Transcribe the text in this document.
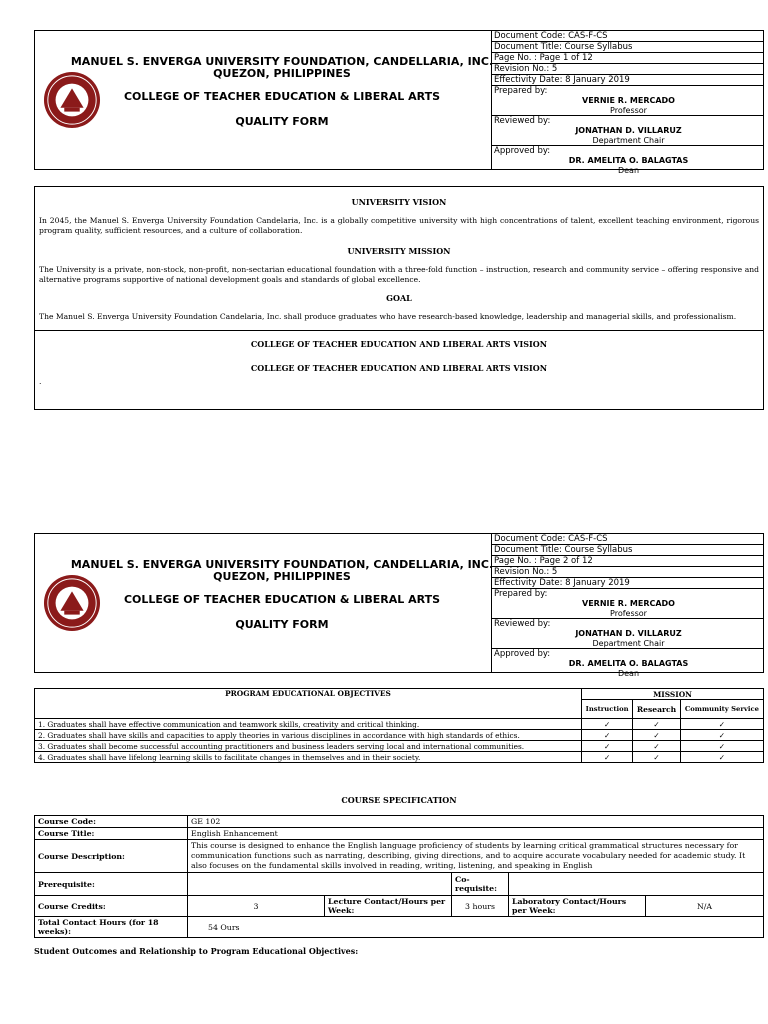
MANUEL S. ENVERGA UNIVERSITY FOUNDATION, CANDELLARIA, INC.
QUEZON, PHILIPPINES
COLLEGE OF TEACHER EDUCATION & LIBERAL ARTS
QUALITY FORM
Document Code: CAS-F-CS
Document Title: Course Syllabus
Page No. : Page 1 of 12
Revision No.: 5
Effectivity Date: 8 January 2019
Prepared by:
VERNIE R. MERCADO
Professor
Reviewed by:
JONATHAN D. VILLARUZ
Department Chair
Approved by:
DR. AMELITA O. BALAGTAS
Dean
UNIVERSITY VISION

In 2045, the Manuel S. Enverga University Foundation Candelaria, Inc. is a globally competitive university with high concentrations of talent, excellent teaching environment, rigorous program quality, sufficient resources, and a culture of collaboration.

UNIVERSITY MISSION

The University is a private, non-stock, non-profit, non-sectarian educational foundation with a three-fold function – instruction, research and community service – offering responsive and alternative programs supportive of national development goals and standards of global excellence.

GOAL

The Manuel S. Enverga University Foundation Candelaria, Inc. shall produce graduates who have research-based knowledge, leadership and managerial skills, and professionalism.

COLLEGE OF TEACHER EDUCATION AND LIBERAL ARTS VISION
COLLEGE OF TEACHER EDUCATION AND LIBERAL ARTS VISION
.
MANUEL S. ENVERGA UNIVERSITY FOUNDATION, CANDELLARIA, INC.
QUEZON, PHILIPPINES
COLLEGE OF TEACHER EDUCATION & LIBERAL ARTS
QUALITY FORM
Document Code: CAS-F-CS
Document Title: Course Syllabus
Page No. : Page 2 of 12
Revision No.: 5
Effectivity Date: 8 January 2019
Prepared by:
VERNIE R. MERCADO
Professor
Reviewed by:
JONATHAN D. VILLARUZ
Department Chair
Approved by:
DR. AMELITA O. BALAGTAS
Dean
PROGRAM EDUCATIONAL OBJECTIVES	MISSION		
	Instruction	Research	Community Service
1. Graduates shall have effective communication and teamwork skills, creativity and critical thinking.	✓	✓	✓
2. Graduates shall have skills and capacities to apply theories in various disciplines in accordance with high standards of ethics.	✓	✓	✓
3. Graduates shall become successful accounting practitioners and business leaders serving local and international communities.	✓	✓	✓
4. Graduates shall have lifelong learning skills to facilitate changes in themselves and in their society.	✓	✓	✓
COURSE SPECIFICATION
Course Code:	GE 102				
Course Title:	English Enhancement				
Course Description:	This course is designed to enhance the English language proficiency of students by learning critical grammatical structures necessary for communication functions such as narrating, describing, giving directions, and to acquire accurate vocabulary needed for academic study. It also focuses on the fundamental skills involved in reading, writing, listening, and speaking in English				
Prerequisite:			Co-requisite:		
Course Credits:	3	Lecture Contact/Hours per Week:	3 hours	Laboratory Contact/Hours per Week:	N/A
Total Contact Hours (for 18 weeks):	54 Ours				
Student Outcomes and Relationship to Program Educational Objectives:
